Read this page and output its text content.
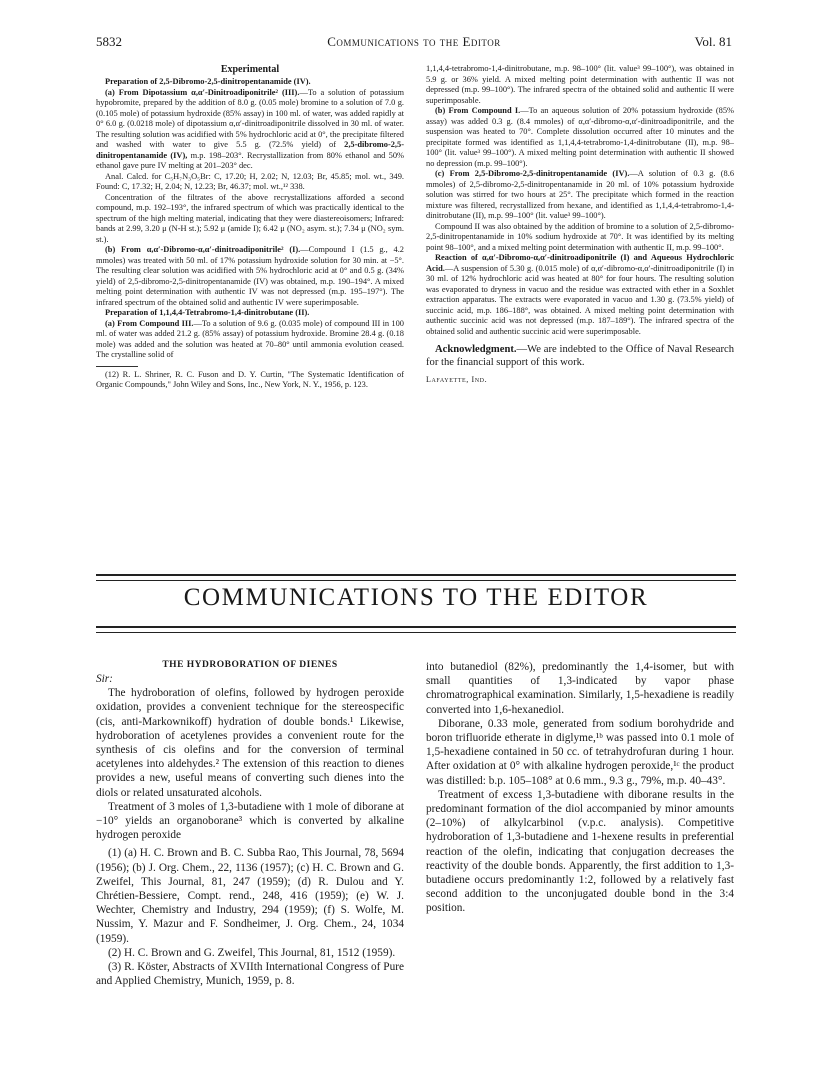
5832	Communications to the Editor	Vol. 81
Experimental

Preparation of 2,5-Dibromo-2,5-dinitropentanamide (IV).

(a) From Dipotassium α,α′-Dinitroadiponitrile² (III).—To a solution of potassium hypobromite, prepared by the addition of 8.0 g. (0.05 mole) bromine to a solution of 7.0 g. (0.105 mole) of potassium hydroxide (85% assay) in 100 ml. of water, was added rapidly at 0° 6.0 g. (0.0218 mole) of dipotassium α,α′-dinitroadiponitrile dissolved in 30 ml. of water. The resulting solution was acidified with 5% hydrochloric acid at 0°, the precipitate filtered and washed with water to give 5.5 g. (72.5% yield) of 2,5-dibromo-2,5-dinitropentanamide (IV), m.p. 198–203°. Recrystallization from 80% ethanol and 50% ethanol gave pure IV melting at 201–203° dec.

Anal. Calcd. for C₅H₇N₃O₅Br: C, 17.20; H, 2.02; N, 12.03; Br, 45.85; mol. wt., 349. Found: C, 17.32; H, 2.04; N, 12.23; Br, 46.37; mol. wt.,¹² 338.

Concentration of the filtrates of the above recrystallizations afforded a second compound, m.p. 192–193°, the infrared spectrum of which was practically identical to the spectrum of the high melting material, indicating that they were diastereoisomers; Infrared: bands at 2.99, 3.20 μ (N-H st.); 5.92 μ (amide I); 6.42 μ (NO₂ asym. st.); 7.34 μ (NO₂ sym. st.).

(b) From α,α′-Dibromo-α,α′-dinitroadiponitrile² (I).—Compound I (1.5 g., 4.2 mmoles) was treated with 50 ml. of 17% potassium hydroxide solution for 30 min. at −5°. The resulting clear solution was acidified with 5% hydrochloric acid at 0° and 0.5 g. (34% yield) of 2,5-dibromo-2,5-dinitropentanamide (IV) was obtained, m.p. 190–194°. A mixed melting point determination with authentic IV was not depressed (m.p. 195–197°). The infrared spectrum of the obtained solid and authentic IV were superimposable.

Preparation of 1,1,4,4-Tetrabromo-1,4-dinitrobutane (II).

(a) From Compound III.—To a solution of 9.6 g. (0.035 mole) of compound III in 100 ml. of water was added 21.2 g. (85% assay) of potassium hydroxide. Bromine 28.4 g. (0.18 mole) was added and the solution was heated at 70–80° until ammonia evolution ceased. The crystalline solid of

(12) R. L. Shriner, R. C. Fuson and D. Y. Curtin, "The Systematic Identification of Organic Compounds," John Wiley and Sons, Inc., New York, N. Y., 1956, p. 123.

1,1,4,4-tetrabromo-1,4-dinitrobutane, m.p. 98–100° (lit. value³ 99–100°), was obtained in 5.9 g. or 36% yield. A mixed melting point determination with authentic II was not depressed (m.p. 99–100°). The infrared spectra of the obtained solid and authentic II were superimposable.

(b) From Compound I.—To an aqueous solution of 20% potassium hydroxide (85% assay) was added 0.3 g. (8.4 mmoles) of α,α′-dibromo-α,α′-dinitroadiponitrile, and the suspension was heated to 70°. Complete dissolution occurred after 10 minutes and the precipitate formed was identified as 1,1,4,4-tetrabromo-1,4-dinitrobutane (II), m.p. 98–100° (lit. value³ 99–100°). A mixed melting point determination with authentic II showed no depression (m.p. 99–100°).

(c) From 2,5-Dibromo-2,5-dinitropentanamide (IV).—A solution of 0.3 g. (8.6 mmoles) of 2,5-dibromo-2,5-dinitropentanamide in 20 ml. of 10% potassium hydroxide solution was stirred for two hours at 25°. The precipitate which formed in the reaction mixture was filtered, recrystallized from hexane, and identified as 1,1,4,4-tetrabromo-1,4-dinitrobutane (II), m.p. 99–100° (lit. value³ 99–100°).

Compound II was also obtained by the addition of bromine to a solution of 2,5-dibromo-2,5-dinitropentanamide in 10% sodium hydroxide at 70°. It was identified by its melting point 98–100°, and a mixed melting point determination with authentic II, m.p. 99–100°.

Reaction of α,α′-Dibromo-α,α′-dinitroadiponitrile (I) and Aqueous Hydrochloric Acid.—A suspension of 5.30 g. (0.015 mole) of α,α′-dibromo-α,α′-dinitroadiponitrile (I) in 30 ml. of 12% hydrochloric acid was heated at 80° for four hours. The resulting solution was evaporated to dryness in vacuo and the residue was extracted with ether in a Soxhlet extraction apparatus. The extracts were evaporated in vacuo and 1.30 g. (73.5% yield) of succinic acid, m.p. 186–188°, was obtained. A mixed melting point determination with authentic succinic acid was not depressed (m.p. 187–189°). The infrared spectra of the obtained solid and authentic succinic acid were superimposable.

Acknowledgment.—We are indebted to the Office of Naval Research for the financial support of this work.
Lafayette, Ind.
COMMUNICATIONS TO THE EDITOR
THE HYDROBORATION OF DIENES
Sir:

The hydroboration of olefins, followed by hydrogen peroxide oxidation, provides a convenient technique for the stereospecific (cis, anti-Markownikoff) hydration of double bonds.¹ Likewise, hydroboration of acetylenes provides a convenient route for the synthesis of cis olefins and for the conversion of terminal acetylenes into aldehydes.² The extension of this reaction to dienes provides a new, useful means of converting such dienes into the diols or related unsaturated alcohols.

Treatment of 3 moles of 1,3-butadiene with 1 mole of diborane at −10° yields an organoborane³ which is converted by alkaline hydrogen peroxide

(1) (a) H. C. Brown and B. C. Subba Rao, This Journal, 78, 5694 (1956); (b) J. Org. Chem., 22, 1136 (1957); (c) H. C. Brown and G. Zweifel, This Journal, 81, 247 (1959); (d) R. Dulou and Y. Chrétien-Bessiere, Compt. rend., 248, 416 (1959); (e) W. J. Wechter, Chemistry and Industry, 294 (1959); (f) S. Wolfe, M. Nussim, Y. Mazur and F. Sondheimer, J. Org. Chem., 24, 1034 (1959).

(2) H. C. Brown and G. Zweifel, This Journal, 81, 1512 (1959).

(3) R. Köster, Abstracts of XVIIth International Congress of Pure and Applied Chemistry, Munich, 1959, p. 8.

into butanediol (82%), predominantly the 1,4-isomer, but with small quantities of 1,3-indicated by vapor phase chromatrographical examination. Similarly, 1,5-hexadiene is readily converted into 1,6-hexanediol.

Diborane, 0.33 mole, generated from sodium borohydride and boron trifluoride etherate in diglyme,¹ᵇ was passed into 0.1 mole of 1,5-hexadiene contained in 50 cc. of tetrahydrofuran during 1 hour. After oxidation at 0° with alkaline hydrogen peroxide,¹ᶜ the product was distilled: b.p. 105–108° at 0.6 mm., 9.3 g., 79%, m.p. 40–43°.

Treatment of excess 1,3-butadiene with diborane results in the predominant formation of the diol accompanied by minor amounts (2–10%) of alkylcarbinol (v.p.c. analysis). Competitive hydroboration of 1,3-butadiene and 1-hexene results in preferential reaction of the olefin, indicating that conjugation decreases the reactivity of the double bonds. Apparently, the first addition to 1,3-butadiene occurs predominantly 1:2, followed by a relatively fast second addition to the unconjugated double bond in the 3:4 position.
